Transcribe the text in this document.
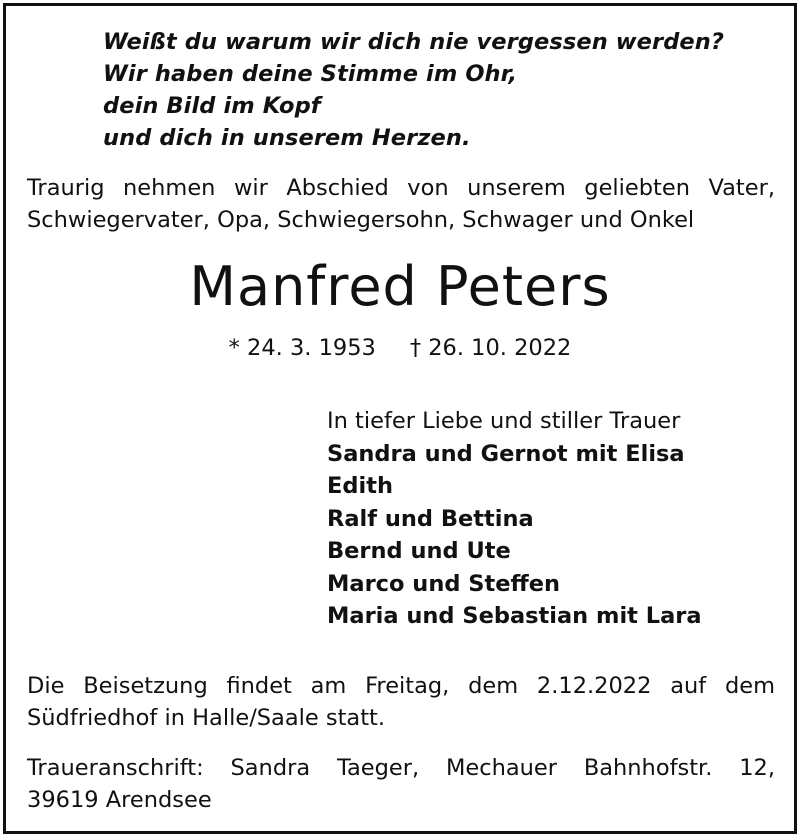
Weißt du warum wir dich nie vergessen werden?
Wir haben deine Stimme im Ohr,
dein Bild im Kopf
und dich in unserem Herzen.
Traurig nehmen wir Abschied von unserem geliebten Vater,
Schwiegervater, Opa, Schwiegersohn, Schwager und Onkel
Manfred Peters
* 24. 3. 1953 † 26. 10. 2022
In tiefer Liebe und stiller Trauer
Sandra und Gernot mit Elisa
Edith
Ralf und Bettina
Bernd und Ute
Marco und Steffen
Maria und Sebastian mit Lara
Die Beisetzung findet am Freitag, dem 2.12.2022 auf dem
Südfriedhof in Halle/Saale statt.
Traueranschrift: Sandra Taeger, Mechauer Bahnhofstr. 12,
39619 Arendsee
